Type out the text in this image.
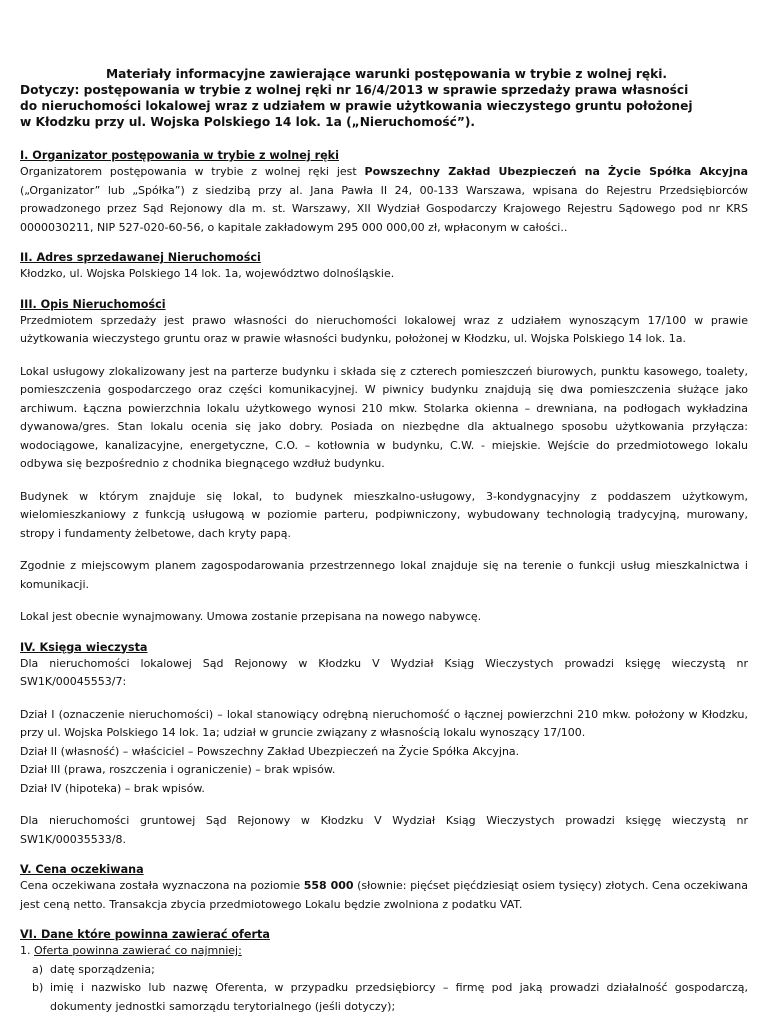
Materiały informacyjne zawierające warunki postępowania w trybie z wolnej ręki.
Dotyczy: postępowania w trybie z wolnej ręki nr 16/4/2013 w sprawie sprzedaży prawa własności
do nieruchomości lokalowej wraz z udziałem w prawie użytkowania wieczystego gruntu położonej
w Kłodzku przy ul. Wojska Polskiego 14 lok. 1a („Nieruchomość”).
I. Organizator postępowania w trybie z wolnej ręki

Organizatorem postępowania w trybie z wolnej ręki jest Powszechny Zakład Ubezpieczeń na Życie Spółka Akcyjna („Organizator” lub „Spółka”) z siedzibą przy al. Jana Pawła II 24, 00-133 Warszawa, wpisana do Rejestru Przedsiębiorców prowadzonego przez Sąd Rejonowy dla m. st. Warszawy, XII Wydział Gospodarczy Krajowego Rejestru Sądowego pod nr KRS 0000030211, NIP 527-020-60-56, o kapitale zakładowym 295 000 000,00 zł, wpłaconym w całości..

II. Adres sprzedawanej Nieruchomości

Kłodzko, ul. Wojska Polskiego 14 lok. 1a, województwo dolnośląskie.

III. Opis Nieruchomości

Przedmiotem sprzedaży jest prawo własności do nieruchomości lokalowej wraz z udziałem wynoszącym 17/100 w prawie użytkowania wieczystego gruntu oraz w prawie własności budynku, położonej w Kłodzku, ul. Wojska Polskiego 14 lok. 1a.

Lokal usługowy zlokalizowany jest na parterze budynku i składa się z czterech pomieszczeń biurowych, punktu kasowego, toalety, pomieszczenia gospodarczego oraz części komunikacyjnej. W piwnicy budynku znajdują się dwa pomieszczenia służące jako archiwum. Łączna powierzchnia lokalu użytkowego wynosi 210 mkw. Stolarka okienna – drewniana, na podłogach wykładzina dywanowa/gres. Stan lokalu ocenia się jako dobry. Posiada on niezbędne dla aktualnego sposobu użytkowania przyłącza: wodociągowe, kanalizacyjne, energetyczne, C.O. – kotłownia w budynku, C.W. - miejskie. Wejście do przedmiotowego lokalu odbywa się bezpośrednio z chodnika biegnącego wzdłuż budynku.

Budynek w którym znajduje się lokal, to budynek mieszkalno-usługowy, 3-kondygnacyjny z poddaszem użytkowym, wielomieszkaniowy z funkcją usługową w poziomie parteru, podpiwniczony, wybudowany technologią tradycyjną, murowany, stropy i fundamenty żelbetowe, dach kryty papą.

Zgodnie z miejscowym planem zagospodarowania przestrzennego lokal znajduje się na terenie o funkcji usług mieszkalnictwa i komunikacji.

Lokal jest obecnie wynajmowany. Umowa zostanie przepisana na nowego nabywcę.

IV. Księga wieczysta

Dla nieruchomości lokalowej Sąd Rejonowy w Kłodzku V Wydział Ksiąg Wieczystych prowadzi księgę wieczystą nr SW1K/00045553/7:

Dział I (oznaczenie nieruchomości) – lokal stanowiący odrębną nieruchomość o łącznej powierzchni 210 mkw. położony w Kłodzku, przy ul. Wojska Polskiego 14 lok. 1a; udział w gruncie związany z własnością lokalu wynoszący 17/100.

Dział II (własność) – właściciel – Powszechny Zakład Ubezpieczeń na Życie Spółka Akcyjna.

Dział III (prawa, roszczenia i ograniczenie) – brak wpisów.

Dział IV (hipoteka) – brak wpisów.

Dla nieruchomości gruntowej Sąd Rejonowy w Kłodzku V Wydział Ksiąg Wieczystych prowadzi księgę wieczystą nr SW1K/00035533/8.

V. Cena oczekiwana

Cena oczekiwana została wyznaczona na poziomie 558 000 (słownie: pięćset pięćdziesiąt osiem tysięcy) złotych. Cena oczekiwana jest ceną netto. Transakcja zbycia przedmiotowego Lokalu będzie zwolniona z podatku VAT.

VI. Dane które powinna zawierać oferta
1. Oferta powinna zawierać co najmniej:
a) datę sporządzenia;
b) imię i nazwisko lub nazwę Oferenta, w przypadku przedsiębiorcy – firmę pod jaką prowadzi działalność gospodarczą, dokumenty jednostki samorządu terytorialnego (jeśli dotyczy);
